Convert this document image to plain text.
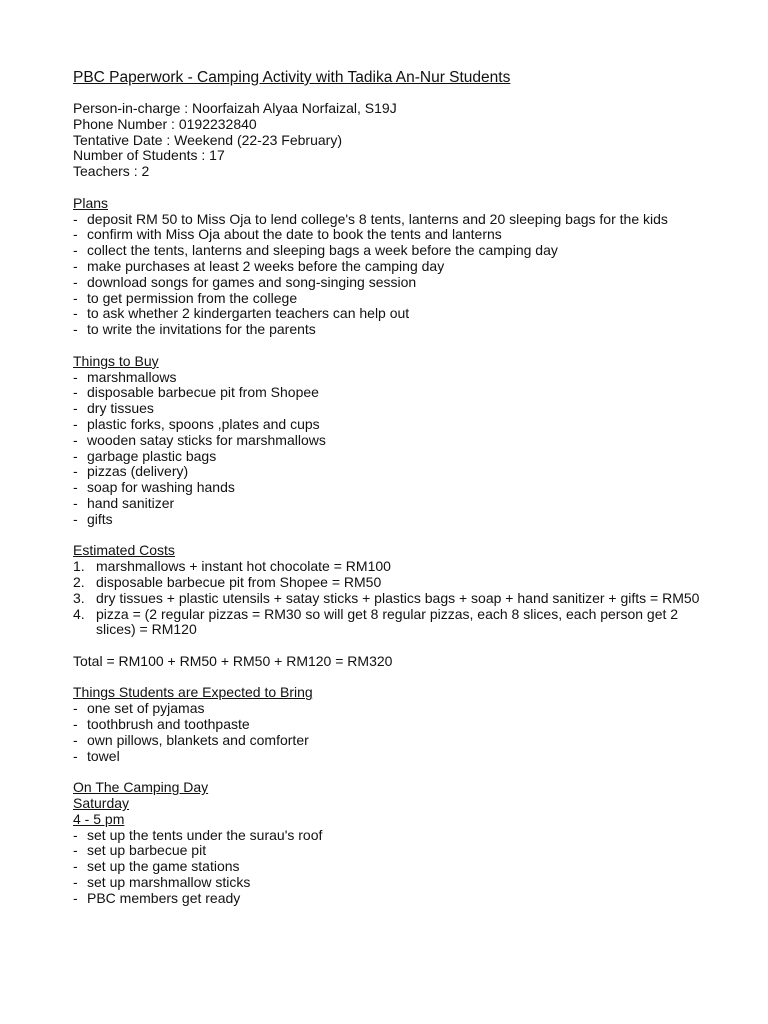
PBC Paperwork - Camping Activity with Tadika An-Nur Students
Person-in-charge : Noorfaizah Alyaa Norfaizal, S19J
Phone Number : 0192232840
Tentative Date : Weekend (22-23 February)
Number of Students : 17
Teachers : 2
Plans
- deposit RM 50 to Miss Oja to lend college's 8 tents, lanterns and 20 sleeping bags for the kids
- confirm with Miss Oja about the date to book the tents and lanterns
- collect the tents, lanterns and sleeping bags a week before the camping day
- make purchases at least 2 weeks before the camping day
- download songs for games and song-singing session
- to get permission from the college
- to ask whether 2 kindergarten teachers can help out
- to write the invitations for the parents
Things to Buy
- marshmallows
- disposable barbecue pit from Shopee
- dry tissues
- plastic forks, spoons ,plates and cups
- wooden satay sticks for marshmallows
- garbage plastic bags
- pizzas (delivery)
- soap for washing hands
- hand sanitizer
- gifts
Estimated Costs
1. marshmallows + instant hot chocolate = RM100
2. disposable barbecue pit from Shopee = RM50
3. dry tissues + plastic utensils + satay sticks + plastics bags + soap + hand sanitizer + gifts = RM50
4. pizza = (2 regular pizzas = RM30 so will get 8 regular pizzas, each 8 slices, each person get 2 slices) = RM120
Total = RM100 + RM50 + RM50 + RM120 = RM320
Things Students are Expected to Bring
- one set of pyjamas
- toothbrush and toothpaste
- own pillows, blankets and comforter
- towel
On The Camping Day
Saturday
4 - 5 pm
- set up the tents under the surau's roof
- set up barbecue pit
- set up the game stations
- set up marshmallow sticks
- PBC members get ready
